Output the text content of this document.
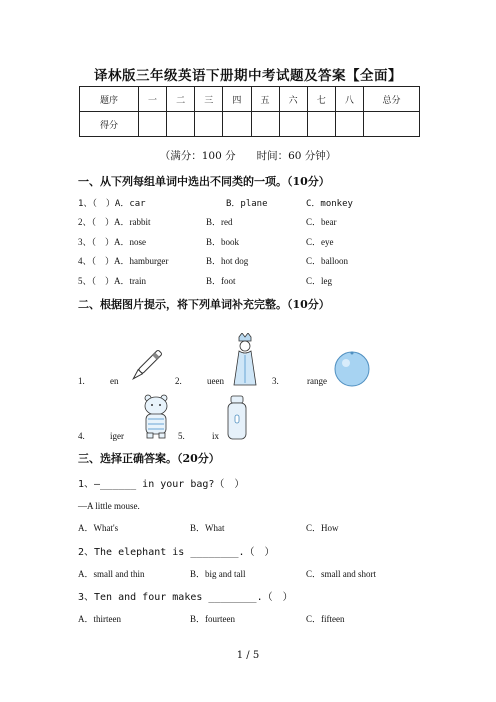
译林版三年级英语下册期中考试题及答案【全面】
题序	一	二	三	四	五	六	七	八	总分
得分									
（满分：100 分　　时间：60 分钟）
一、从下列每组单词中选出不同类的一项。（10分）
1、（　）A．car	B．plane	C．monkey
2、（　）A．rabbit	B．red	C．bear
3、（　）A．nose	B．book	C．eye
4、（　）A．hamburger	B．hot dog	C．balloon
5、（　）A．train	B．foot	C．leg
二、根据图片提示，将下列单词补充完整。（10分）
1.	en	2.	ueen	3.	range
4.	iger	5.	ix
三、选择正确答案。（20分）
1、—______ in your bag?（　）
—A little mouse.
A．What's	B．What	C．How
2、The elephant is ________.（　）
A．small and thin	B．big and tall	C．small and short
3、Ten and four makes ________.（　）
A．thirteen	B．fourteen	C．fifteen
1 / 5
